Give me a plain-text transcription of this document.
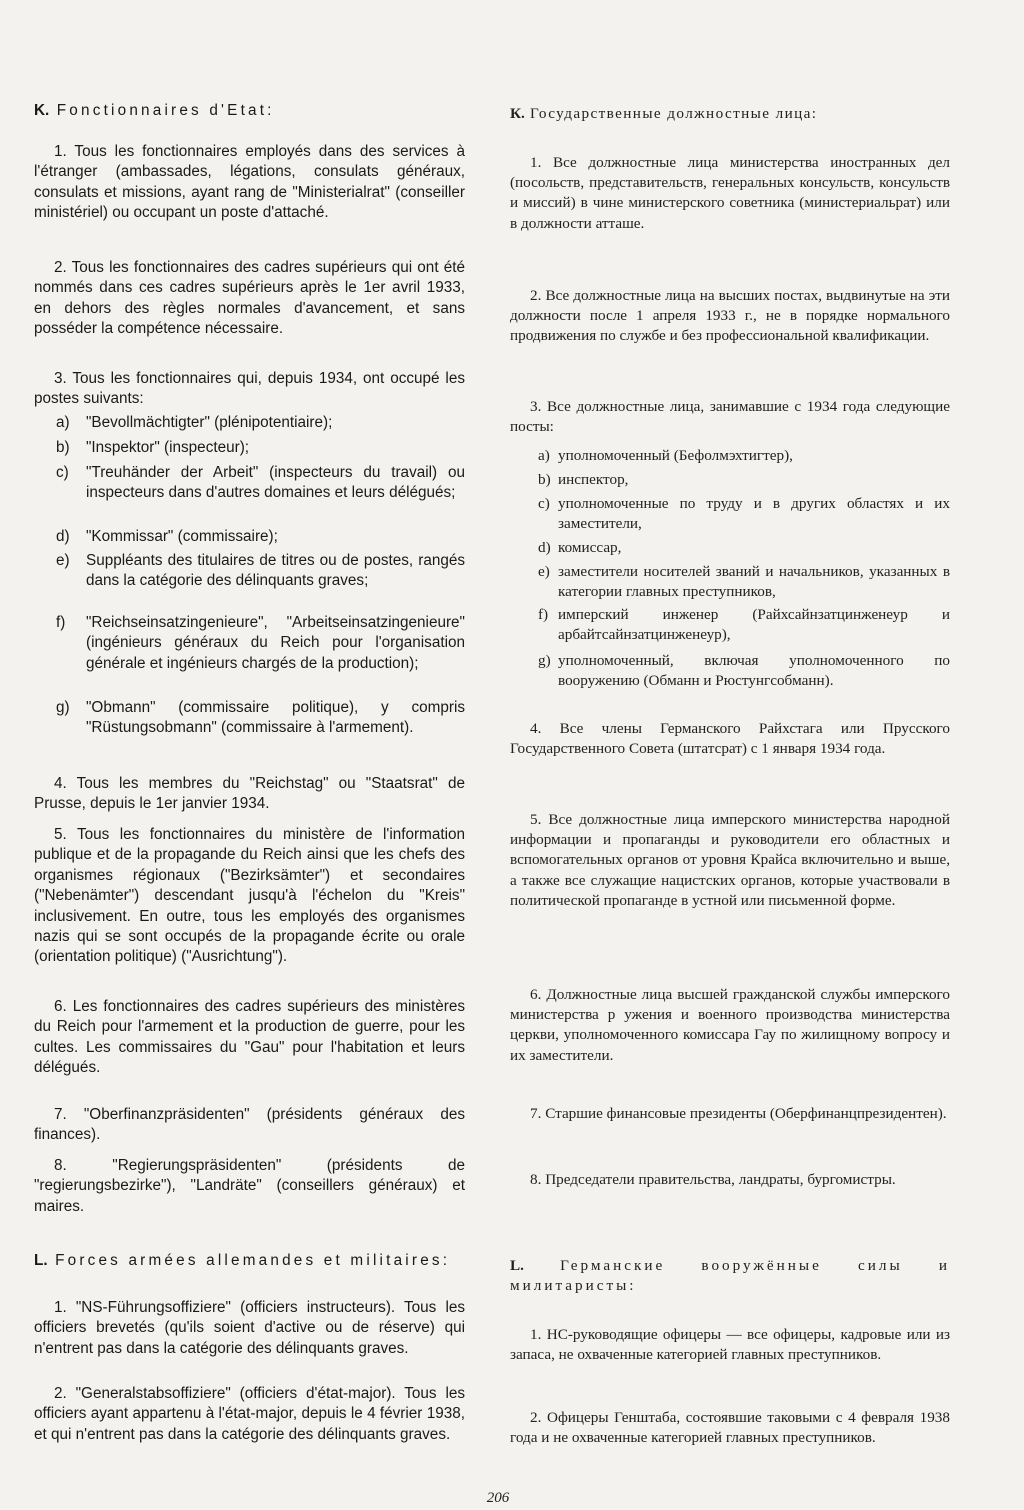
K. Fonctionnaires d'Etat:
1. Tous les fonctionnaires employés dans des services à l'étranger (ambassades, légations, consulats généraux, consulats et missions, ayant rang de "Ministerialrat" (conseiller ministériel) ou occupant un poste d'attaché.
2. Tous les fonctionnaires des cadres supérieurs qui ont été nommés dans ces cadres supérieurs après le 1er avril 1933, en dehors des règles normales d'avancement, et sans posséder la compétence nécessaire.
3. Tous les fonctionnaires qui, depuis 1934, ont occupé les postes suivants:
a) "Bevollmächtigter" (plénipotentiaire);
b) "Inspektor" (inspecteur);
c) "Treuhänder der Arbeit" (inspecteurs du travail) ou inspecteurs dans d'autres domaines et leurs délégués;
d) "Kommissar" (commissaire);
e) Suppléants des titulaires de titres ou de postes, rangés dans la catégorie des délinquants graves;
f) "Reichseinsatzingenieure", "Arbeitseinsatzingenieure" (ingénieurs généraux du Reich pour l'organisation générale et ingénieurs chargés de la production);
g) "Obmann" (commissaire politique), y compris "Rüstungsobmann" (commissaire à l'armement).
4. Tous les membres du "Reichstag" ou "Staatsrat" de Prusse, depuis le 1er janvier 1934.
5. Tous les fonctionnaires du ministère de l'information publique et de la propagande du Reich ainsi que les chefs des organismes régionaux ("Bezirksämter") et secondaires ("Nebenämter") descendant jusqu'à l'échelon du "Kreis" inclusivement. En outre, tous les employés des organismes nazis qui se sont occupés de la propagande écrite ou orale (orientation politique) ("Ausrichtung").
6. Les fonctionnaires des cadres supérieurs des ministères du Reich pour l'armement et la production de guerre, pour les cultes. Les commissaires du "Gau" pour l'habitation et leurs délégués.
7. "Oberfinanzpräsidenten" (présidents généraux des finances).
8. "Regierungspräsidenten" (présidents de "regierungsbezirke"), "Landräte" (conseillers généraux) et maires.
L. Forces armées allemandes et militaires:
1. "NS-Führungsoffiziere" (officiers instructeurs). Tous les officiers brevetés (qu'ils soient d'active ou de réserve) qui n'entrent pas dans la catégorie des délinquants graves.
2. "Generalstabsoffiziere" (officiers d'état-major). Tous les officiers ayant appartenu à l'état-major, depuis le 4 février 1938, et qui n'entrent pas dans la catégorie des délinquants graves.
К. Государственные должностные лица:
1. Все должностные лица министерства иностранных дел (посольств, представительств, генеральных консульств, консульств и миссий) в чине министерского советника (министериальрат) или в должности атташе.
2. Все должностные лица на высших постах, выдвинутые на эти должности после 1 апреля 1933 г., не в порядке нормального продвижения по службе и без профессиональной квалификации.
3. Все должностные лица, занимавшие с 1934 года следующие посты:
a) уполномоченный (Бефолмэхтигтер),
b) инспектор,
c) уполномоченные по труду и в других областях и их заместители,
d) комиссар,
e) заместители носителей званий и начальников, указанных в категории главных преступников,
f) имперский инженер (Райхсайнзатцинженеур и арбайтсайнзатцинженеур),
g) уполномоченный, включая уполномоченного по вооружению (Обманн и Рюстунгсобманн).
4. Все члены Германского Райхстага или Прусского Государственного Совета (штатсрат) с 1 января 1934 года.
5. Все должностные лица имперского министерства народной информации и пропаганды и руководители его областных и вспомогательных органов от уровня Крайса включительно и выше, а также все служащие нацистских органов, которые участвовали в политической пропаганде в устной или письменной форме.
6. Должностные лица высшей гражданской службы имперского министерства р ужения и военного производства министерства церкви, уполномоченного комиссара Гау по жилищному вопросу и их заместители.
7. Старшие финансовые президенты (Оберфинанцпрезидентен).
8. Председатели правительства, ландраты, бургомистры.
L. Германские вооружённые силы и милитаристы:
1. НС-руководящие офицеры — все офицеры, кадровые или из запаса, не охваченные категорией главных преступников.
2. Офицеры Генштаба, состоявшие таковыми с 4 февраля 1938 года и не охваченные категорией главных преступников.
206
